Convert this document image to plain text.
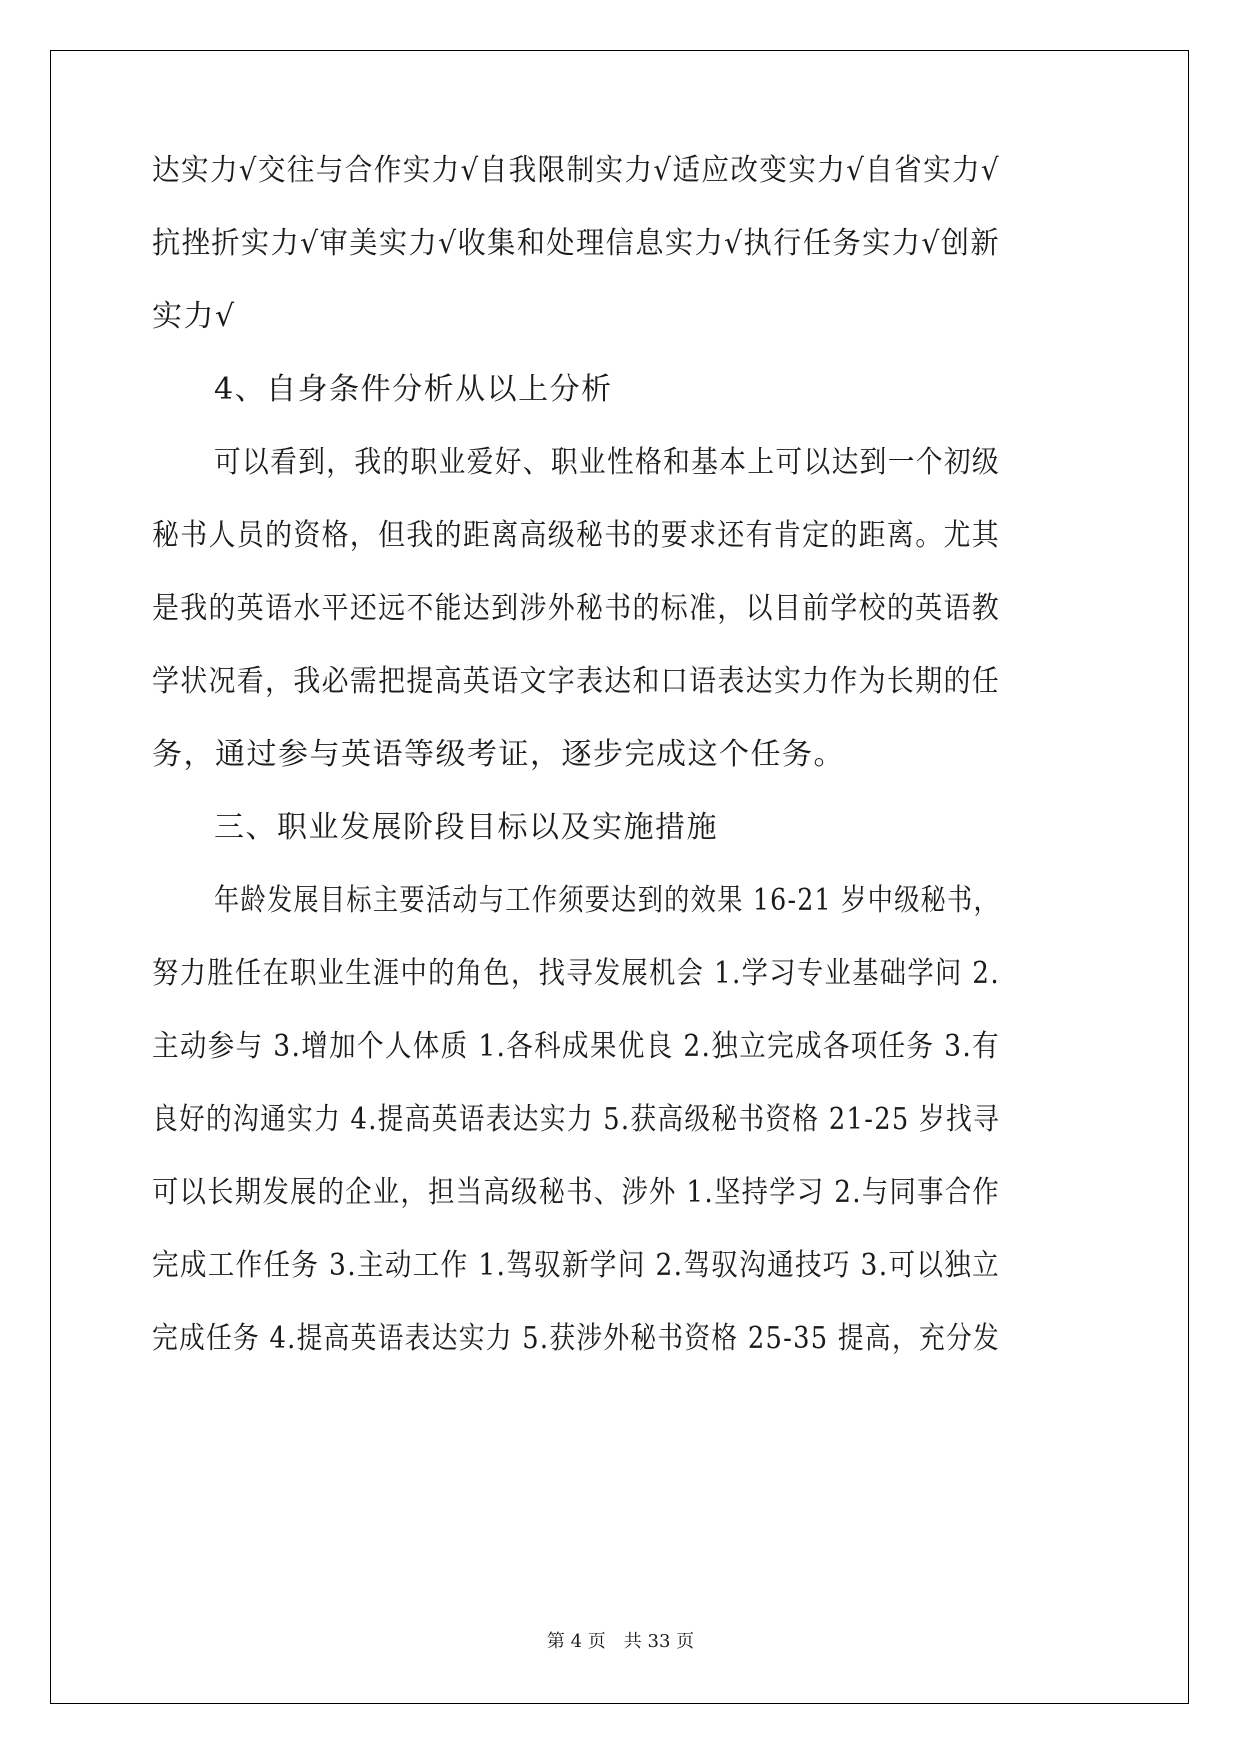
达实力√交往与合作实力√自我限制实力√适应改变实力√自省实力√
抗挫折实力√审美实力√收集和处理信息实力√执行任务实力√创新
实力√
4、自身条件分析从以上分析
可以看到，我的职业爱好、职业性格和基本上可以达到一个初级
秘书人员的资格，但我的距离高级秘书的要求还有肯定的距离。尤其
是我的英语水平还远不能达到涉外秘书的标准，以目前学校的英语教
学状况看，我必需把提高英语文字表达和口语表达实力作为长期的任
务，通过参与英语等级考证，逐步完成这个任务。
三、职业发展阶段目标以及实施措施
年龄发展目标主要活动与工作须要达到的效果 16-21 岁中级秘书，
努力胜任在职业生涯中的角色，找寻发展机会 1.学习专业基础学问 2.
主动参与 3.增加个人体质 1.各科成果优良 2.独立完成各项任务 3.有
良好的沟通实力 4.提高英语表达实力 5.获高级秘书资格 21-25 岁找寻
可以长期发展的企业，担当高级秘书、涉外 1.坚持学习 2.与同事合作
完成工作任务 3.主动工作 1.驾驭新学问 2.驾驭沟通技巧 3.可以独立
完成任务 4.提高英语表达实力 5.获涉外秘书资格 25-35 提高，充分发
第 4 页　共 33 页
